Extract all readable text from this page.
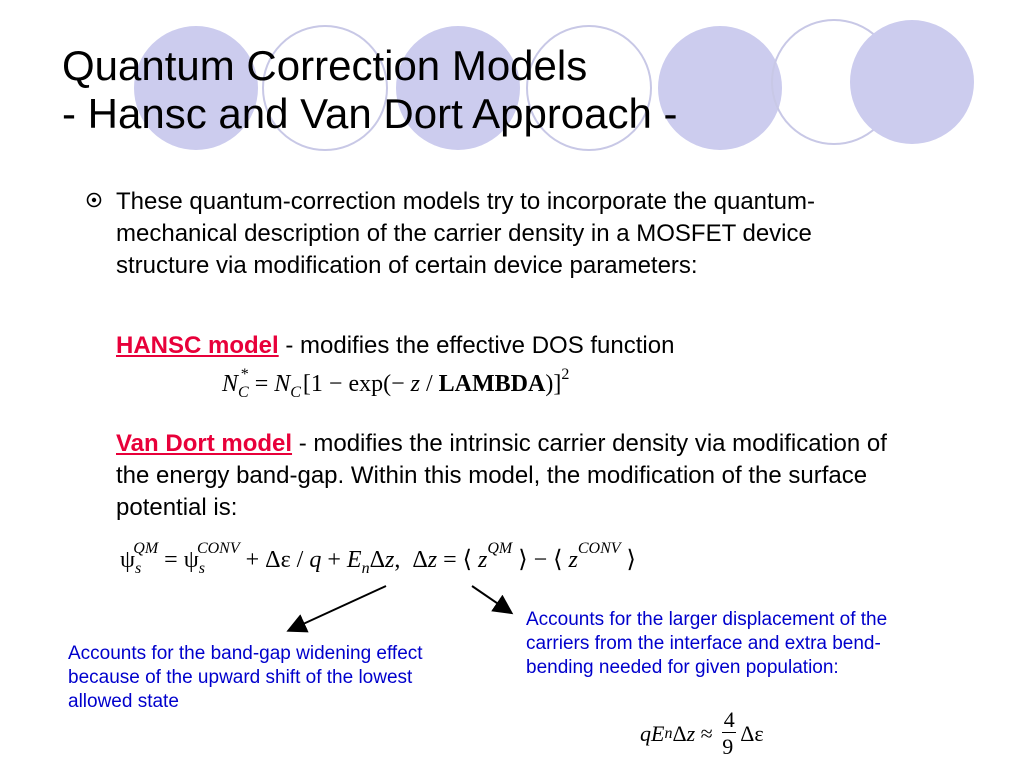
Quantum Correction Models
- Hansc and Van Dort Approach -
These quantum-correction models try to incorporate the quantum-mechanical description of the carrier density in a MOSFET device structure via modification of certain device parameters:
HANSC model - modifies the effective DOS function
$N_C^* = N_C$ [1 − exp(− z / LAMBDA)]$^2$
Van Dort model - modifies the intrinsic carrier density via modification of the energy band-gap. Within this model, the modification of the surface potential is:
$\psi_s^{QM} = \psi_s^{CONV} + \Delta\varepsilon / q + E_n\Delta z$,  Δz = ⟨ $z^{QM}$ ⟩ − ⟨ $z^{CONV}$ ⟩
Accounts for the band-gap widening effect because of the upward shift of the lowest allowed state
Accounts for the larger displacement of the carriers from the interface and extra bend-bending needed for given population:
qE n Δ z ≈
4
9
Δε
